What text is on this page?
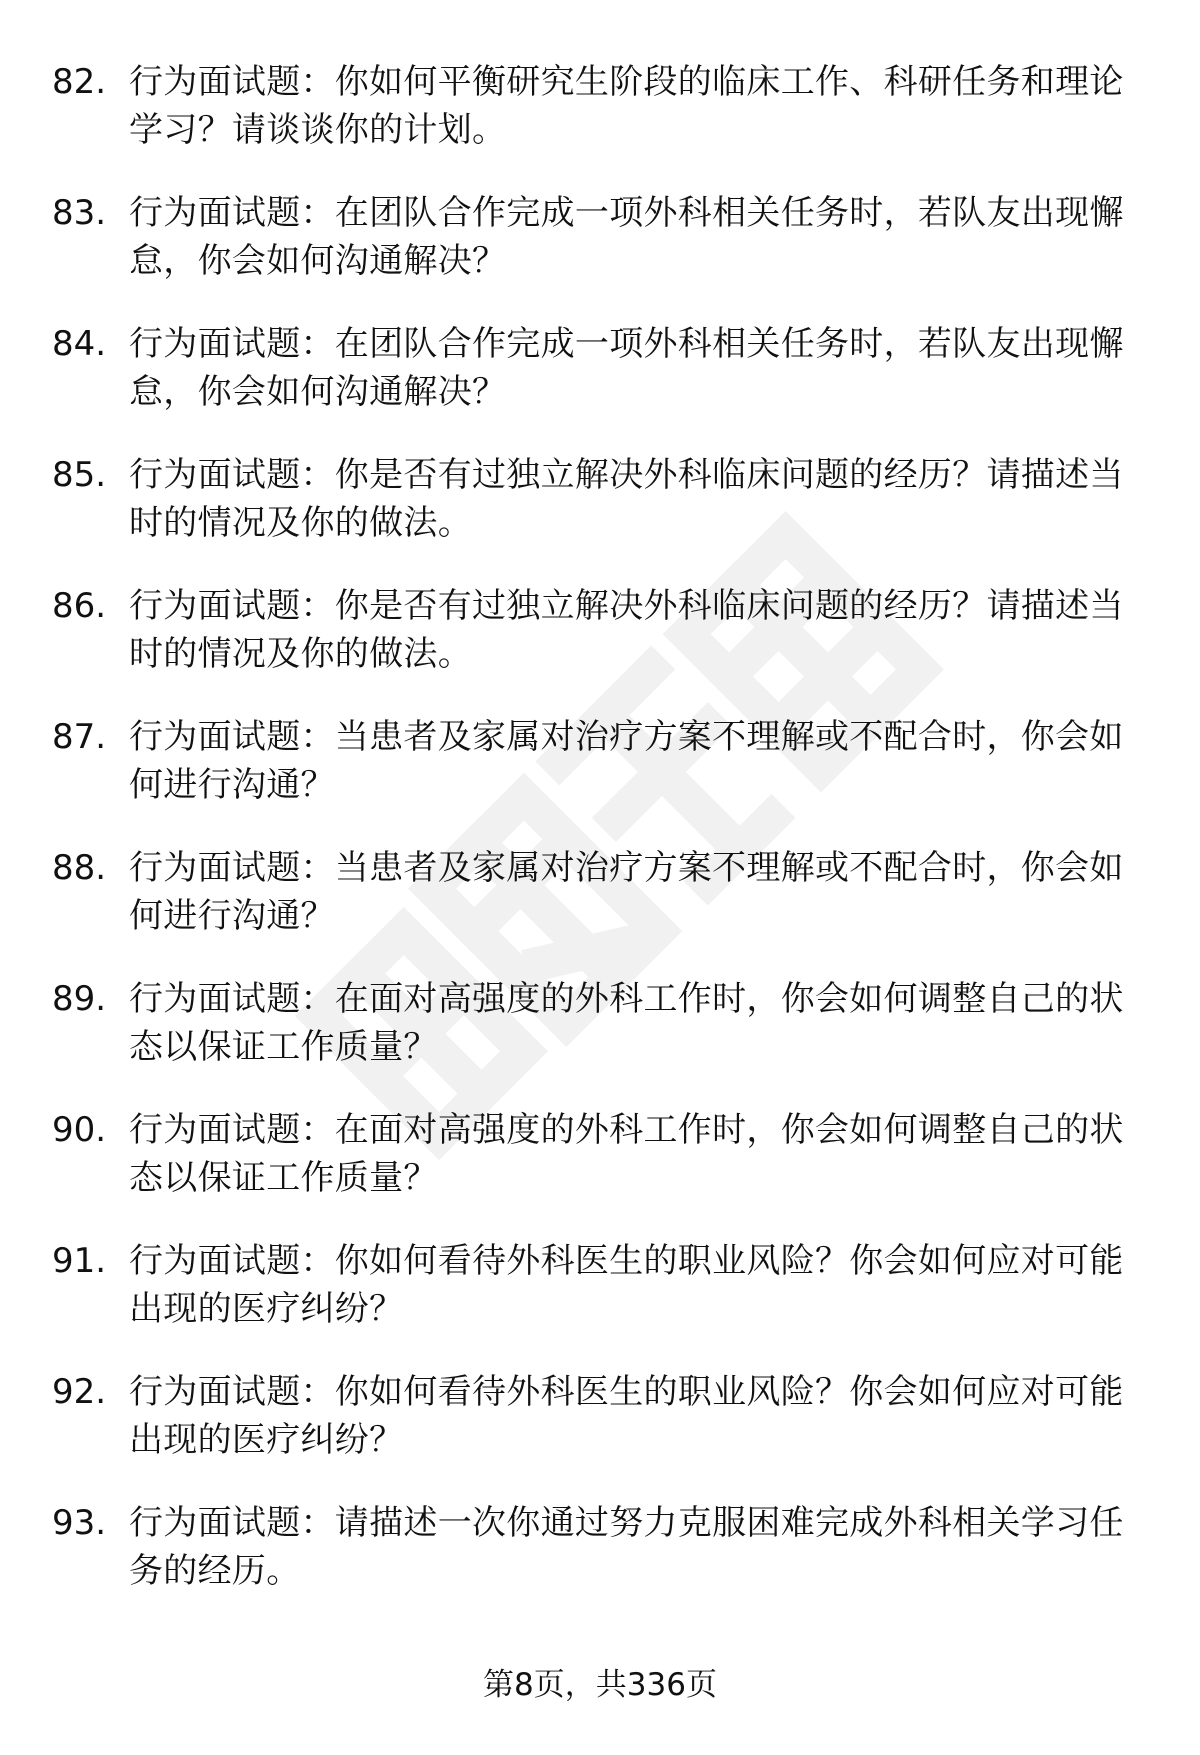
82. 行为面试题：你如何平衡研究生阶段的临床工作、科研任务和理论学习？请谈谈你的计划。
83. 行为面试题：在团队合作完成一项外科相关任务时，若队友出现懈怠，你会如何沟通解决？
84. 行为面试题：在团队合作完成一项外科相关任务时，若队友出现懈怠，你会如何沟通解决？
85. 行为面试题：你是否有过独立解决外科临床问题的经历？请描述当时的情况及你的做法。
86. 行为面试题：你是否有过独立解决外科临床问题的经历？请描述当时的情况及你的做法。
87. 行为面试题：当患者及家属对治疗方案不理解或不配合时，你会如何进行沟通？
88. 行为面试题：当患者及家属对治疗方案不理解或不配合时，你会如何进行沟通？
89. 行为面试题：在面对高强度的外科工作时，你会如何调整自己的状态以保证工作质量？
90. 行为面试题：在面对高强度的外科工作时，你会如何调整自己的状态以保证工作质量？
91. 行为面试题：你如何看待外科医生的职业风险？你会如何应对可能出现的医疗纠纷？
92. 行为面试题：你如何看待外科医生的职业风险？你会如何应对可能出现的医疗纠纷？
93. 行为面试题：请描述一次你通过努力克服困难完成外科相关学习任务的经历。
第8页，共336页
